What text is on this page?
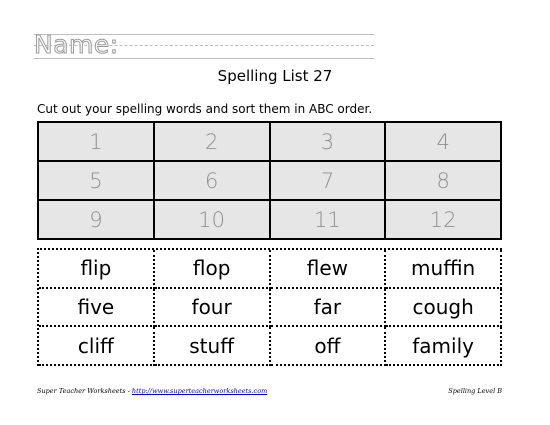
Name:
Spelling List 27
Cut out your spelling words and sort them in ABC order.
1	2	3	4
5	6	7	8
9	10	11	12
flip	flop	flew	muffin
five	four	far	cough
cliff	stuff	off	family
Super Teacher Worksheets - http://www.superteacherworksheets.com	Spelling Level B
